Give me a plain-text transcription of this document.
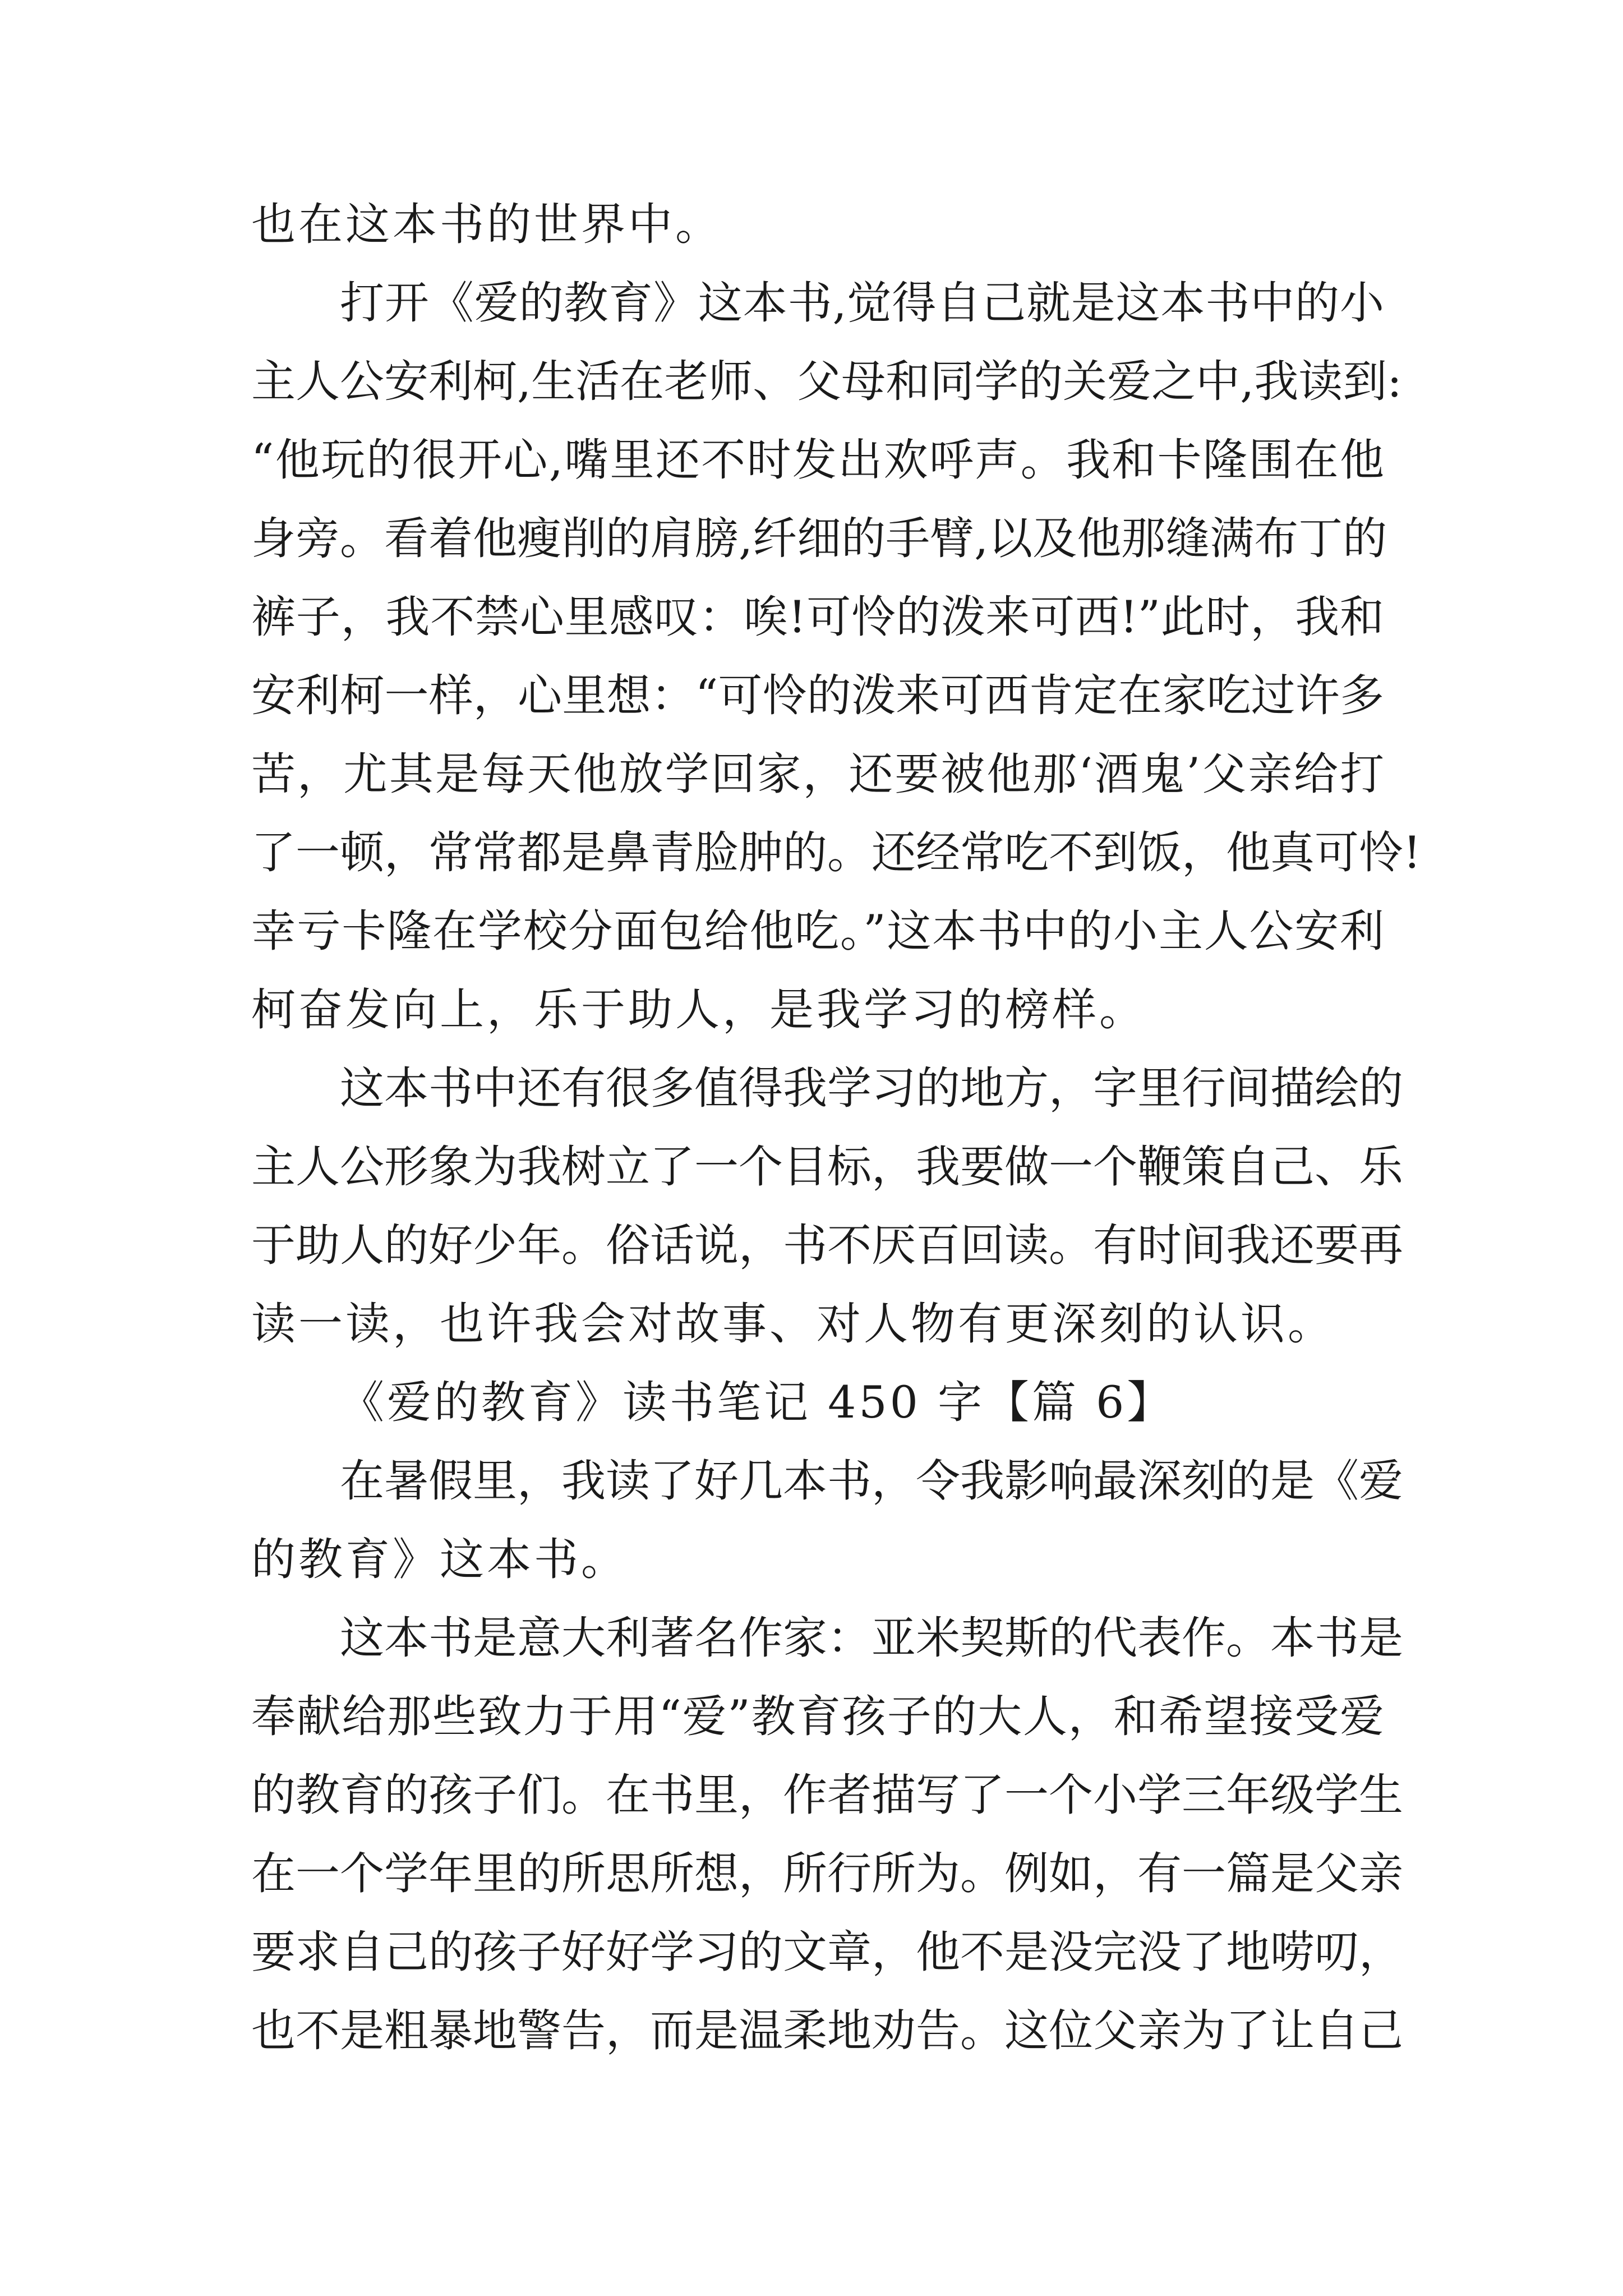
也在这本书的世界中。
打开《爱的教育》这本书,觉得自己就是这本书中的小
主人公安利柯,生活在老师、父母和同学的关爱之中,我读到:
“他玩的很开心,嘴里还不时发出欢呼声。我和卡隆围在他
身旁。看着他瘦削的肩膀,纤细的手臂,以及他那缝满布丁的
裤子，我不禁心里感叹：唉!可怜的泼来可西!”此时，我和
安利柯一样，心里想：“可怜的泼来可西肯定在家吃过许多
苦，尤其是每天他放学回家，还要被他那‘酒鬼’父亲给打
了一顿，常常都是鼻青脸肿的。还经常吃不到饭，他真可怜!
幸亏卡隆在学校分面包给他吃。”这本书中的小主人公安利
柯奋发向上，乐于助人，是我学习的榜样。
这本书中还有很多值得我学习的地方，字里行间描绘的
主人公形象为我树立了一个目标，我要做一个鞭策自己、乐
于助人的好少年。俗话说，书不厌百回读。有时间我还要再
读一读，也许我会对故事、对人物有更深刻的认识。
《爱的教育》读书笔记 450 字【篇 6】
在暑假里，我读了好几本书，令我影响最深刻的是《爱
的教育》这本书。
这本书是意大利著名作家：亚米契斯的代表作。本书是
奉献给那些致力于用“爱”教育孩子的大人，和希望接受爱
的教育的孩子们。在书里，作者描写了一个小学三年级学生
在一个学年里的所思所想，所行所为。例如，有一篇是父亲
要求自己的孩子好好学习的文章，他不是没完没了地唠叨，
也不是粗暴地警告，而是温柔地劝告。这位父亲为了让自己
